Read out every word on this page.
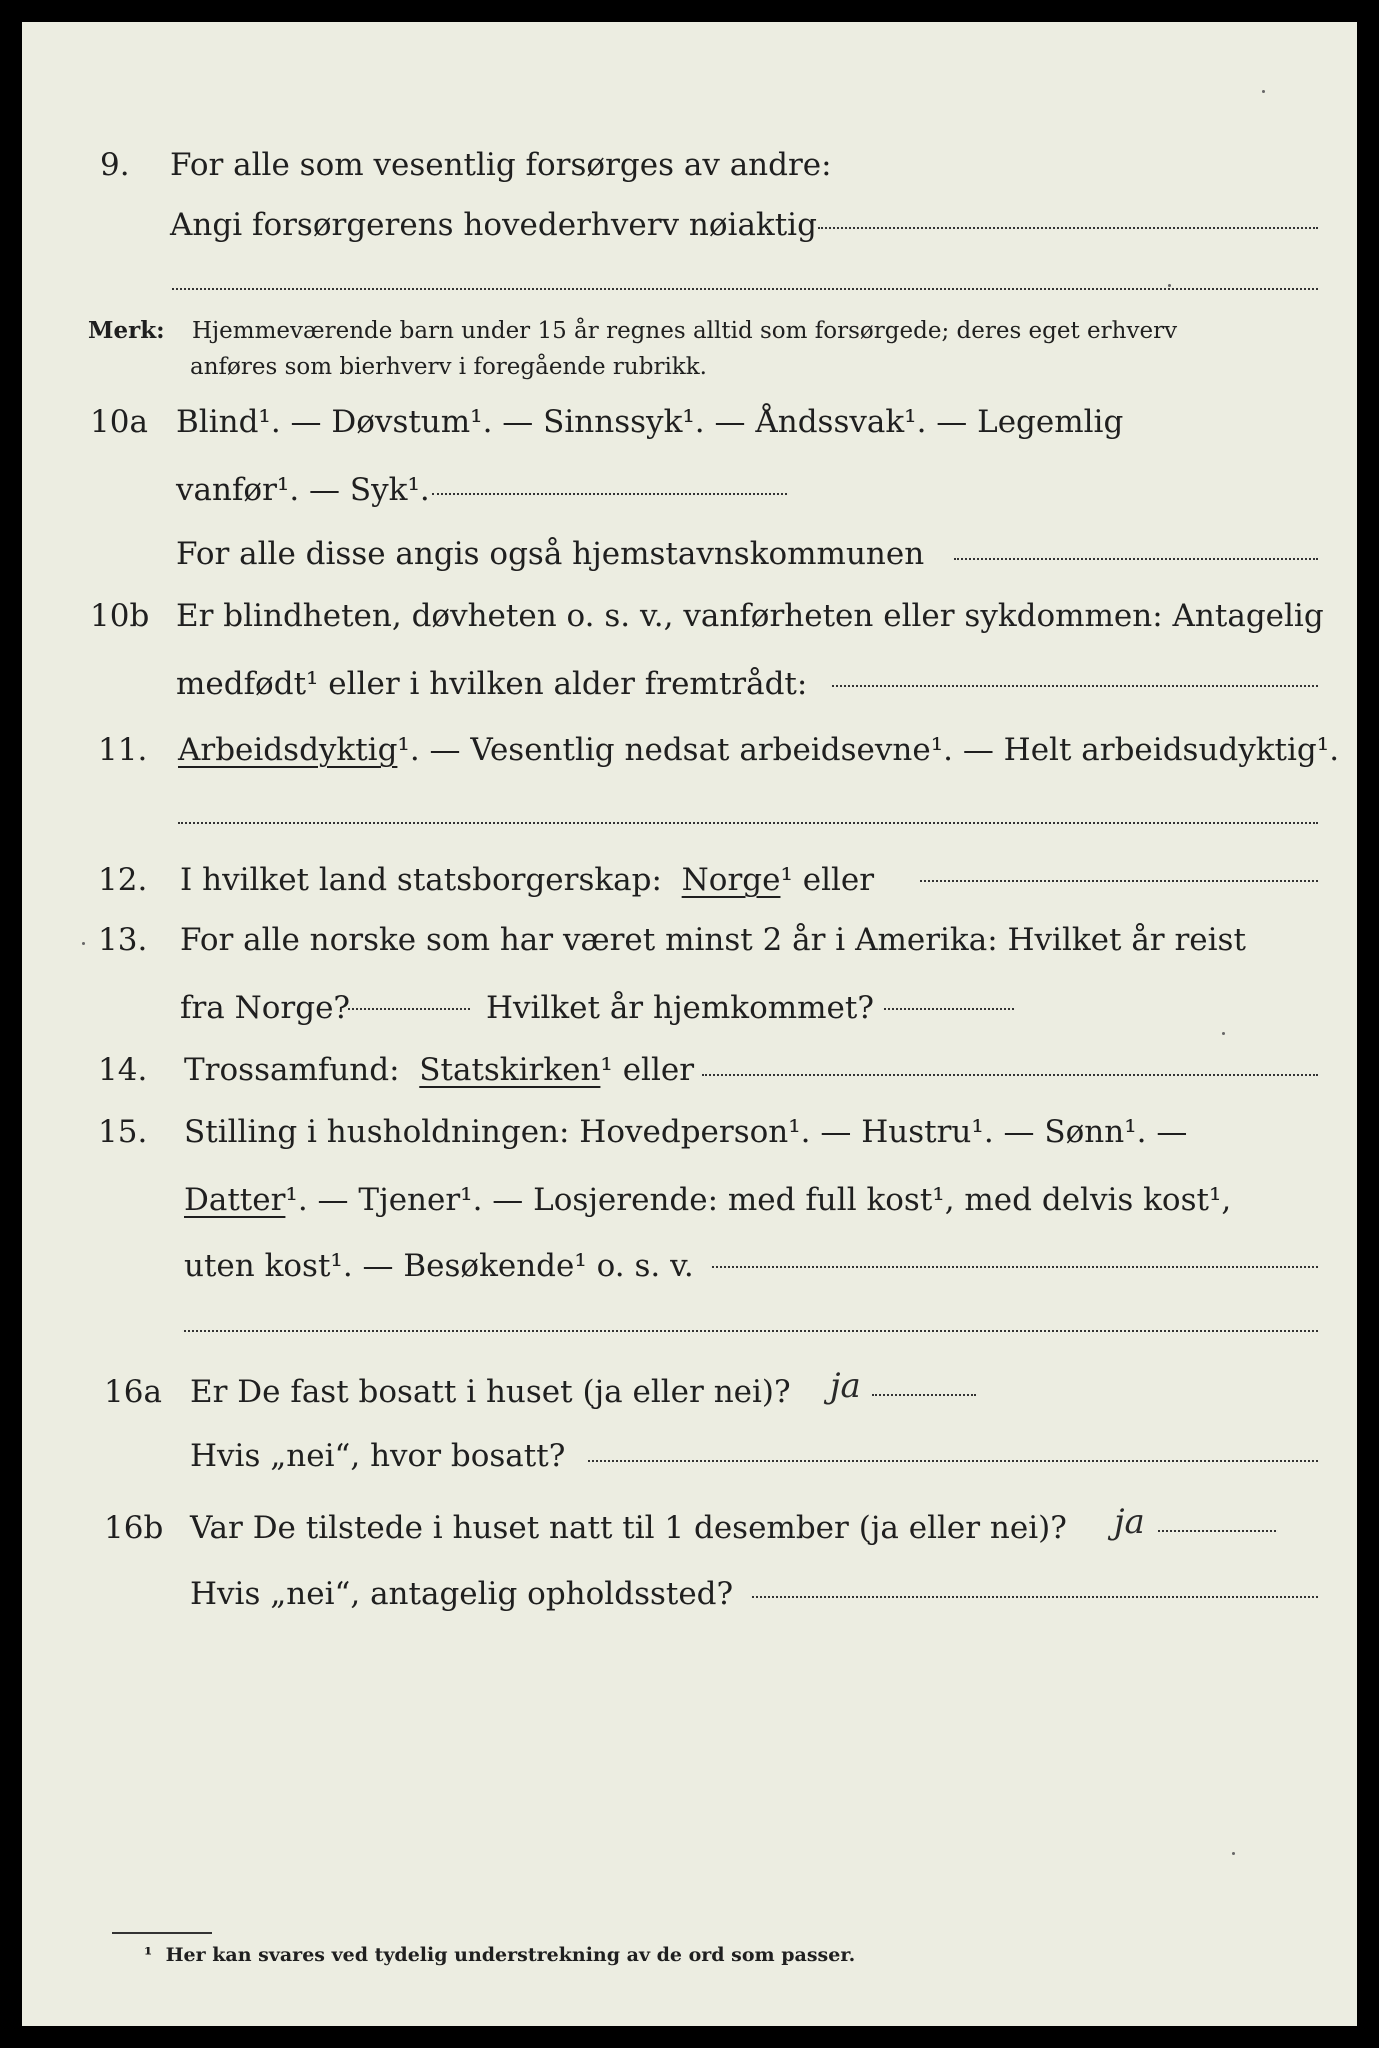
9. For alle som vesentlig forsørges av andre:
Angi forsørgerens hovederhverv nøiaktig
Merk: Hjemmeværende barn under 15 år regnes alltid som forsørgede; deres eget erhverv
anføres som bierhverv i foregående rubrikk.
10a Blind¹. — Døvstum¹. — Sinnssyk¹. — Åndssvak¹. — Legemlig
vanfør¹. — Syk¹.
For alle disse angis også hjemstavnskommunen
10b Er blindheten, døvheten o. s. v., vanførheten eller sykdommen: Antagelig
medfødt¹ eller i hvilken alder fremtrådt:
11. Arbeidsdyktig¹. — Vesentlig nedsat arbeidsevne¹. — Helt arbeidsudyktig¹.
12. I hvilket land statsborgerskap: Norge¹ eller
13. For alle norske som har været minst 2 år i Amerika: Hvilket år reist
fra Norge?	Hvilket år hjemkommet?
14. Trossamfund: Statskirken¹ eller
15. Stilling i husholdningen: Hovedperson¹. — Hustru¹. — Sønn¹. —
Datter¹. — Tjener¹. — Losjerende: med full kost¹, med delvis kost¹,
uten kost¹. — Besøkende¹ o. s. v.
16a Er De fast bosatt i huset (ja eller nei)? ja
Hvis „nei“, hvor bosatt?
16b Var De tilstede i huset natt til 1 desember (ja eller nei)? ja
Hvis „nei“, antagelig opholdssted?
¹ Her kan svares ved tydelig understrekning av de ord som passer.
